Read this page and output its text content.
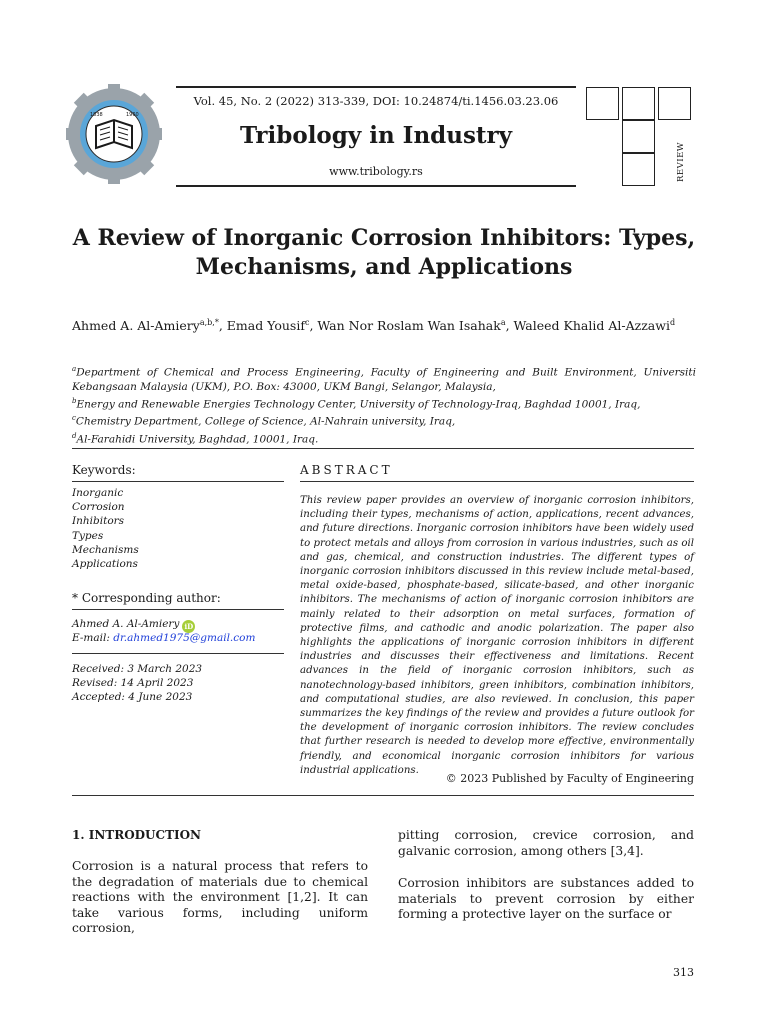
1838	1960
Vol. 45, No. 2 (2022) 313-339, DOI: 10.24874/ti.1456.03.23.06
Tribology in Industry
www.tribology.rs	REVIEW
A Review of Inorganic Corrosion Inhibitors: Types, Mechanisms, and Applications
Ahmed A. Al-Amiery$^{a,b,*}$, Emad Yousif$^c$, Wan Nor Roslam Wan Isahak$^a$, Waleed Khalid Al-Azzawi$^d$
$^a$Department of Chemical and Process Engineering, Faculty of Engineering and Built Environment, Universiti Kebangsaan Malaysia (UKM), P.O. Box: 43000, UKM Bangi, Selangor, Malaysia,
$^b$Energy and Renewable Energies Technology Center, University of Technology-Iraq, Baghdad 10001, Iraq,
$^c$Chemistry Department, College of Science, Al-Nahrain university, Iraq,
$^d$Al-Farahidi University, Baghdad, 10001, Iraq.
Keywords:
Inorganic
Corrosion
Inhibitors
Types
Mechanisms
Applications
* Corresponding author:
Ahmed A. Al-Amiery iD
E-mail: dr.ahmed1975@gmail.com
Received: 3 March 2023
Revised: 14 April 2023
Accepted: 4 June 2023
ABSTRACT
This review paper provides an overview of inorganic corrosion inhibitors, including their types, mechanisms of action, applications, recent advances, and future directions. Inorganic corrosion inhibitors have been widely used to protect metals and alloys from corrosion in various industries, such as oil and gas, chemical, and construction industries. The different types of inorganic corrosion inhibitors discussed in this review include metal-based, metal oxide-based, phosphate-based, silicate-based, and other inorganic inhibitors. The mechanisms of action of inorganic corrosion inhibitors are mainly related to their adsorption on metal surfaces, formation of protective films, and cathodic and anodic polarization. The paper also highlights the applications of inorganic corrosion inhibitors in different industries and discusses their effectiveness and limitations. Recent advances in the field of inorganic corrosion inhibitors, such as nanotechnology-based inhibitors, green inhibitors, combination inhibitors, and computational studies, are also reviewed. In conclusion, this paper summarizes the key findings of the review and provides a future outlook for the development of inorganic corrosion inhibitors. The review concludes that further research is needed to develop more effective, environmentally friendly, and economical inorganic corrosion inhibitors for various industrial applications.
© 2023 Published by Faculty of Engineering
1. INTRODUCTION
Corrosion is a natural process that refers to the degradation of materials due to chemical reactions with the environment [1,2]. It can take various forms, including uniform corrosion,
pitting corrosion, crevice corrosion, and galvanic corrosion, among others [3,4].
Corrosion inhibitors are substances added to materials to prevent corrosion by either forming a protective layer on the surface or
313
